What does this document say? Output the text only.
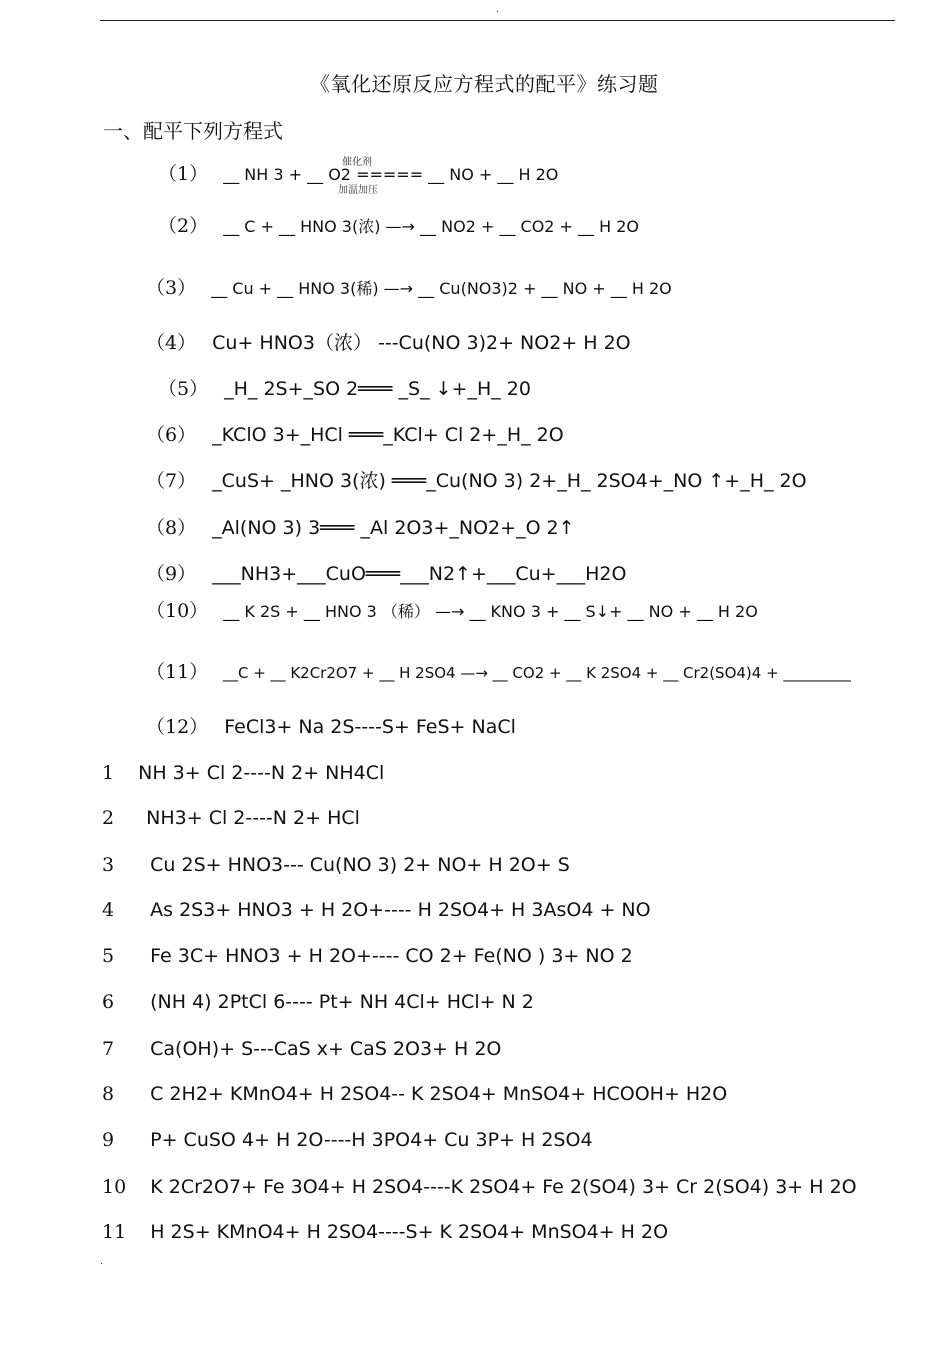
.
《氧化还原反应方程式的配平》练习题
一、配平下列方程式
催化剂
加温加压
（1） __ NH 3 + __ O2 ===== __ NO + __ H 2O
（2） __ C + __ HNO 3(浓) —→ __ NO2 + __ CO2 + __ H 2O
（3） __ Cu + __ HNO 3(稀) —→ __ Cu(NO3)2 + __ NO + __ H 2O
（4） Cu+ HNO3（浓） ---Cu(NO 3)2+ NO2+ H 2O
（5） _H_ 2S+_SO 2═══ _S_ ↓+_H_ 20
（6） _KClO 3+_HCl ═══_KCl+ Cl 2+_H_ 2O
（7） _CuS+ _HNO 3(浓) ═══_Cu(NO 3) 2+_H_ 2SO4+_NO ↑+_H_ 2O
（8） _Al(NO 3) 3═══ _Al 2O3+_NO2+_O 2↑
（9） ___NH3+___CuO═══___N2↑+___Cu+___H2O
（10） __ K 2S + __ HNO 3 （稀） —→ __ KNO 3 + __ S↓+ __ NO + __ H 2O
（11） __C + __ K2Cr2O7 + __ H 2SO4 —→ __ CO2 + __ K 2SO4 + __ Cr2(SO4)4 + _________
（12） FeCl3+ Na 2S----S+ FeS+ NaCl
1 NH 3+ Cl 2----N 2+ NH4Cl
2 NH3+ Cl 2----N 2+ HCl
3 Cu 2S+ HNO3--- Cu(NO 3) 2+ NO+ H 2O+ S
4 As 2S3+ HNO3 + H 2O+---- H 2SO4+ H 3AsO4 + NO
5 Fe 3C+ HNO3 + H 2O+---- CO 2+ Fe(NO ) 3+ NO 2
6 (NH 4) 2PtCl 6---- Pt+ NH 4Cl+ HCl+ N 2
7 Ca(OH)+ S---CaS x+ CaS 2O3+ H 2O
8 C 2H2+ KMnO4+ H 2SO4-- K 2SO4+ MnSO4+ HCOOH+ H2O
9 P+ CuSO 4+ H 2O----H 3PO4+ Cu 3P+ H 2SO4
10 K 2Cr2O7+ Fe 3O4+ H 2SO4----K 2SO4+ Fe 2(SO4) 3+ Cr 2(SO4) 3+ H 2O
11 H 2S+ KMnO4+ H 2SO4----S+ K 2SO4+ MnSO4+ H 2O
.
